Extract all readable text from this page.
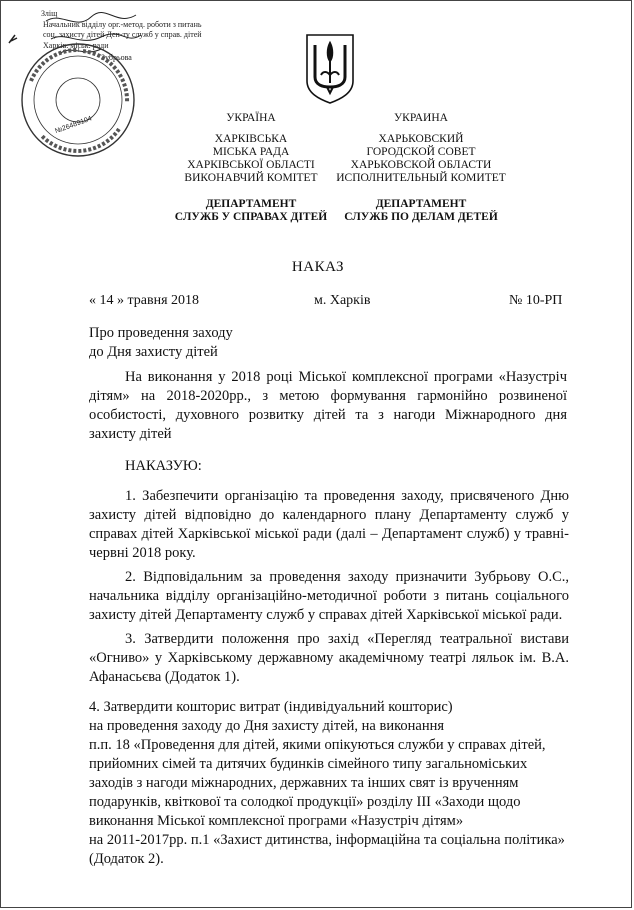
Зліщ
Начальник відділу орг.-метод. роботи з питань
соц. захисту дітей Деп-ту служб у справ. дітей
Харків. міськ. ради
Зубрьова
№26489104	УКРАЇНА
ХАРКІВСЬКА
МІСЬКА РАДА
ХАРКІВСЬКОЇ ОБЛАСТІ
ВИКОНАВЧИЙ КОМІТЕТ
ДЕПАРТАМЕНТ
СЛУЖБ У СПРАВАХ ДІТЕЙ
УКРАИНА
ХАРЬКОВСКИЙ
ГОРОДСКОЙ СОВЕТ
ХАРЬКОВСКОЙ ОБЛАСТИ
ИСПОЛНИТЕЛЬНЫЙ КОМИТЕТ
ДЕПАРТАМЕНТ
СЛУЖБ ПО ДЕЛАМ ДЕТЕЙ
НАКАЗ
« 14 » травня 2018	м. Харків	№ 10-РП
Про проведення заходу
до Дня захисту дітей
На виконання у 2018 році Міської комплексної програми «Назустріч дітям» на 2018-2020рр., з метою формування гармонійно розвиненої особистості, духовного розвитку дітей та з нагоди Міжнародного дня захисту дітей
НАКАЗУЮ:
1. Забезпечити організацію та проведення заходу, присвяченого Дню захисту дітей відповідно до календарного плану Департаменту служб у справах дітей Харківської міської ради (далі – Департамент служб) у травні-червні 2018 року.
2. Відповідальним за проведення заходу призначити Зубрьову О.С., начальника відділу організаційно-методичної роботи з питань соціального захисту дітей Департаменту служб у справах дітей Харківської міської ради.
3. Затвердити положення про захід «Перегляд театральної вистави «Огниво» у Харківському державному академічному театрі ляльок ім. В.А. Афанасьєва (Додаток 1).
4. Затвердити кошторис витрат (індивідуальний кошторис)
на проведення заходу до Дня захисту дітей, на виконання
п.п. 18 «Проведення для дітей, якими опікуються служби у справах дітей,
прийомних сімей та дитячих будинків сімейного типу загальноміських
заходів з нагоди міжнародних, державних та інших свят із врученням
подарунків, квіткової та солодкої продукції» розділу ІІІ «Заходи щодо
виконання Міської комплексної програми «Назустріч дітям»
на 2011-2017рр. п.1 «Захист дитинства, інформаційна та соціальна політика»
(Додаток 2).
